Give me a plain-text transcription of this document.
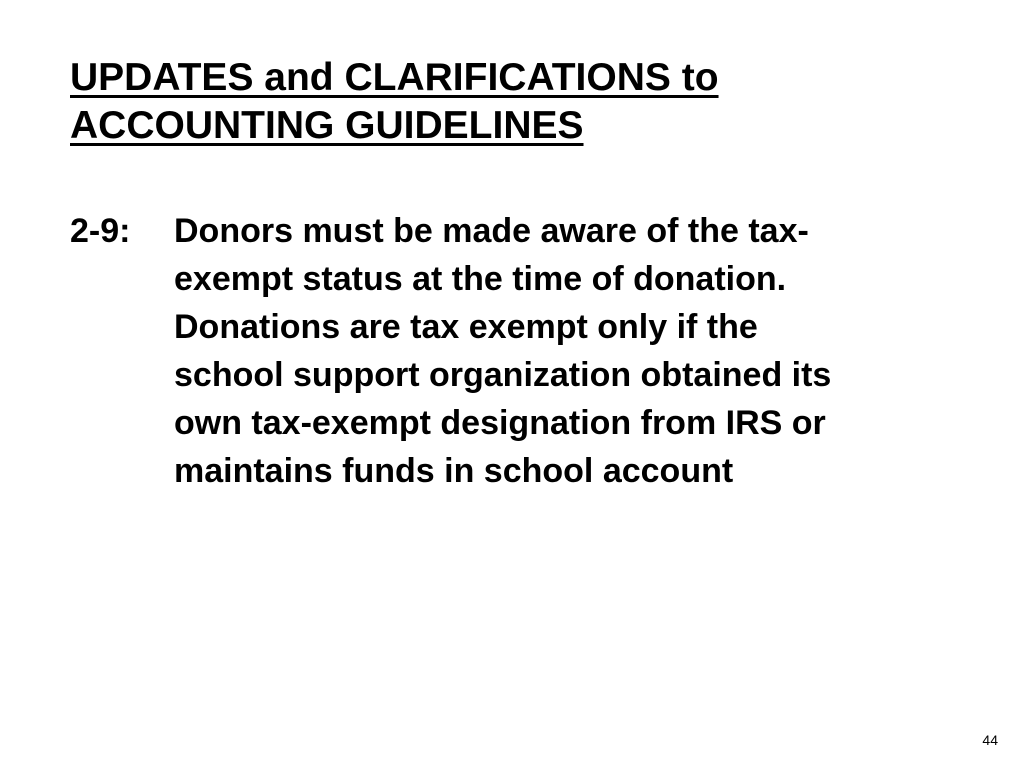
UPDATES and CLARIFICATIONS to
ACCOUNTING GUIDELINES
2-9: Donors must be made aware of the tax-
exempt status at the time of donation.
Donations are tax exempt only if the
school support organization obtained its
own tax-exempt designation from IRS or
maintains funds in school account
44
